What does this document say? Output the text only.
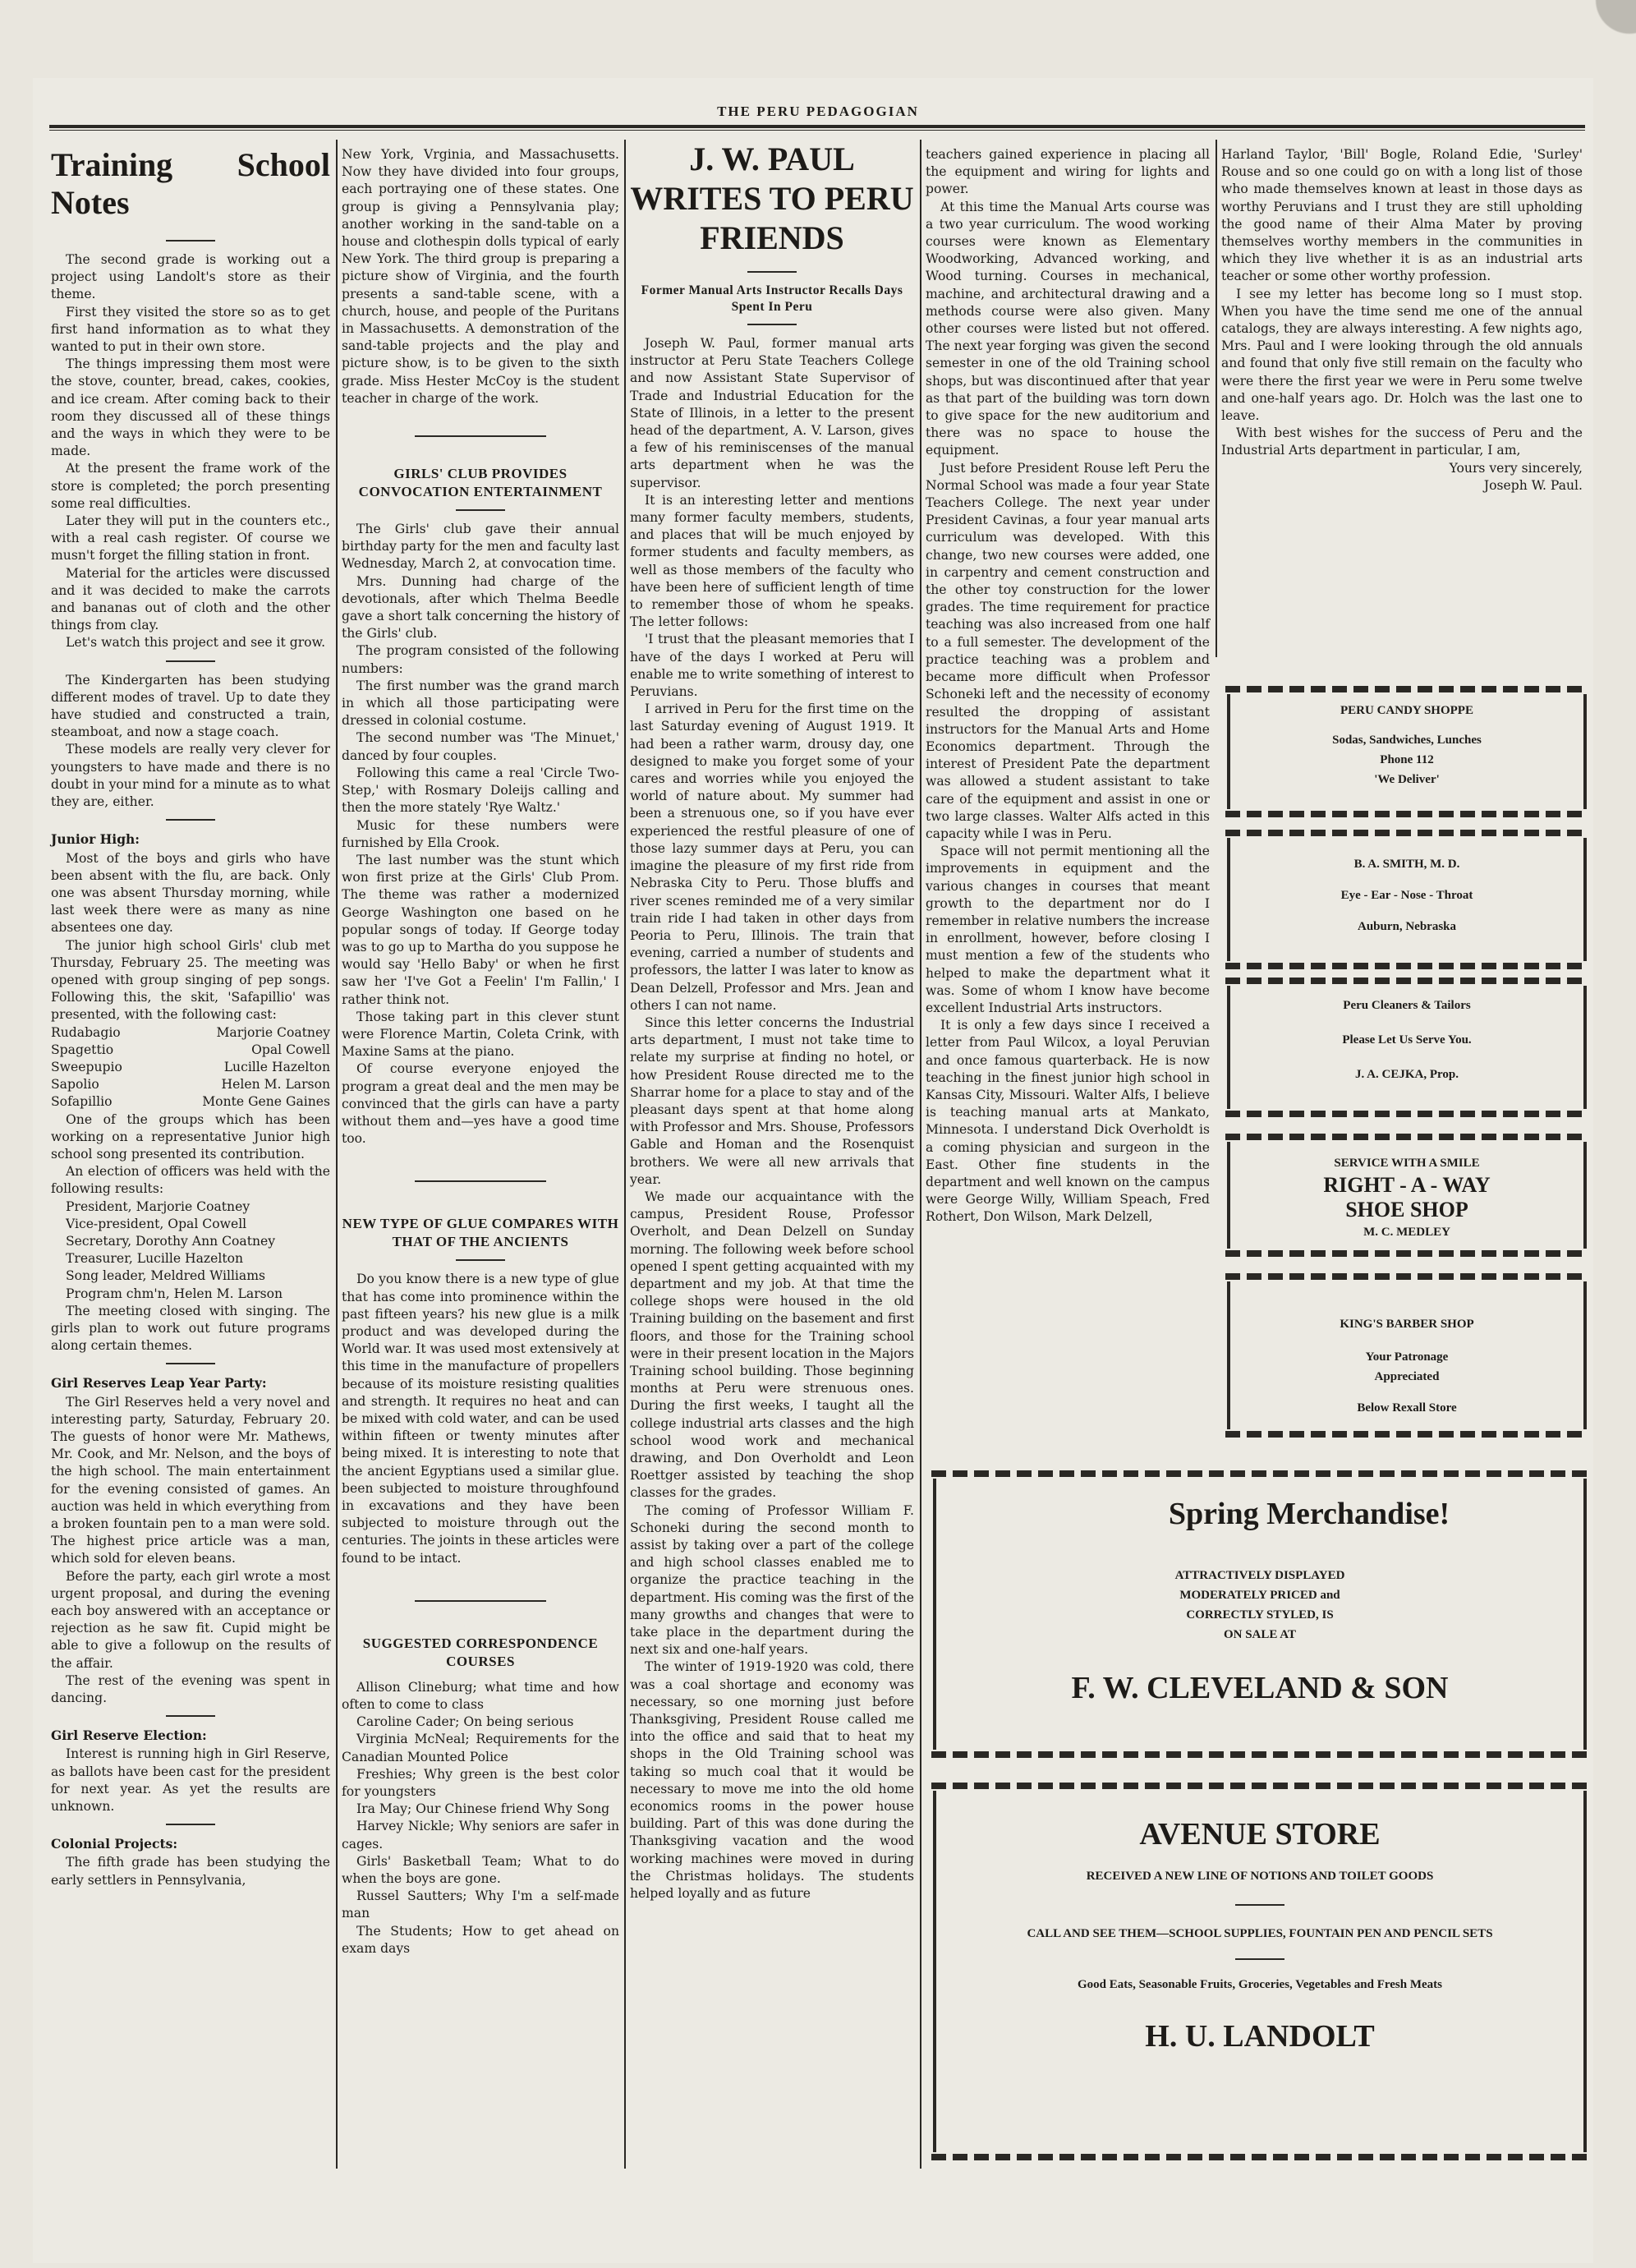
THE PERU PEDAGOGIAN
Training School Notes

The second grade is working out a project using Landolt's store as their theme.

First they visited the store so as to get first hand information as to what they wanted to put in their own store.

The things impressing them most were the stove, counter, bread, cakes, cookies, and ice cream. After coming back to their room they discussed all of these things and the ways in which they were to be made.

At the present the frame work of the store is completed; the porch presenting some real difficulties.

Later they will put in the counters etc., with a real cash register. Of course we musn't forget the filling station in front.

Material for the articles were discussed and it was decided to make the carrots and bananas out of cloth and the other things from clay.

Let's watch this project and see it grow.

The Kindergarten has been studying different modes of travel. Up to date they have studied and constructed a train, steamboat, and now a stage coach.

These models are really very clever for youngsters to have made and there is no doubt in your mind for a minute as to what they are, either.

Junior High:

Most of the boys and girls who have been absent with the flu, are back. Only one was absent Thursday morning, while last week there were as many as nine absentees one day.

The junior high school Girls' club met Thursday, February 25. The meeting was opened with group singing of pep songs. Following this, the skit, 'Safapillio' was presented, with the following cast:

Rudabagio	Marjorie Coatney
Spagettio	Opal Cowell
Sweepupio	Lucille Hazelton
Sapolio	Helen M. Larson
Sofapillio	Monte Gene Gaines

One of the groups which has been working on a representative Junior high school song presented its contribution.

An election of officers was held with the following results:

President, Marjorie Coatney

Vice-president, Opal Cowell

Secretary, Dorothy Ann Coatney

Treasurer, Lucille Hazelton

Song leader, Meldred Williams

Program chm'n, Helen M. Larson

The meeting closed with singing. The girls plan to work out future programs along certain themes.

Girl Reserves Leap Year Party:

The Girl Reserves held a very novel and interesting party, Saturday, February 20. The guests of honor were Mr. Mathews, Mr. Cook, and Mr. Nelson, and the boys of the high school. The main entertainment for the evening consisted of games. An auction was held in which everything from a broken fountain pen to a man were sold. The highest price article was a man, which sold for eleven beans.

Before the party, each girl wrote a most urgent proposal, and during the evening each boy answered with an acceptance or rejection as he saw fit. Cupid might be able to give a followup on the results of the affair.

The rest of the evening was spent in dancing.

Girl Reserve Election:

Interest is running high in Girl Reserve, as ballots have been cast for the president for next year. As yet the results are unknown.

Colonial Projects:

The fifth grade has been studying the early settlers in Pennsylvania,

New York, Vrginia, and Massachusetts. Now they have divided into four groups, each portraying one of these states. One group is giving a Pennsylvania play; another working in the sand-table on a house and clothespin dolls typical of early New York. The third group is preparing a picture show of Virginia, and the fourth presents a sand-table scene, with a church, house, and people of the Puritans in Massachusetts. A demonstration of the sand-table projects and the play and picture show, is to be given to the sixth grade. Miss Hester McCoy is the student teacher in charge of the work.

GIRLS' CLUB PROVIDES CONVOCATION ENTERTAINMENT

The Girls' club gave their annual birthday party for the men and faculty last Wednesday, March 2, at convocation time.

Mrs. Dunning had charge of the devotionals, after which Thelma Beedle gave a short talk concerning the history of the Girls' club.

The program consisted of the following numbers:

The first number was the grand march in which all those participating were dressed in colonial costume.

The second number was 'The Minuet,' danced by four couples.

Following this came a real 'Circle Two-Step,' with Rosmary Doleijs calling and then the more stately 'Rye Waltz.'

Music for these numbers were furnished by Ella Crook.

The last number was the stunt which won first prize at the Girls' Club Prom. The theme was rather a modernized George Washington one based on he popular songs of today. If George today was to go up to Martha do you suppose he would say 'Hello Baby' or when he first saw her 'I've Got a Feelin' I'm Fallin,' I rather think not.

Those taking part in this clever stunt were Florence Martin, Coleta Crink, with Maxine Sams at the piano.

Of course everyone enjoyed the program a great deal and the men may be convinced that the girls can have a party without them and—yes have a good time too.

NEW TYPE OF GLUE COMPARES WITH THAT OF THE ANCIENTS

Do you know there is a new type of glue that has come into prominence within the past fifteen years? his new glue is a milk product and was developed during the World war. It was used most extensively at this time in the manufacture of propellers because of its moisture resisting qualities and strength. It requires no heat and can be mixed with cold water, and can be used within fifteen or twenty minutes after being mixed. It is interesting to note that the ancient Egyptians used a similar glue. been subjected to moisture throughfound in excavations and they have been subjected to moisture through out the centuries. The joints in these articles were found to be intact.

SUGGESTED CORRESPONDENCE COURSES

Allison Clineburg; what time and how often to come to class

Caroline Cader; On being serious

Virginia McNeal; Requirements for the Canadian Mounted Police

Freshies; Why green is the best color for youngsters

Ira May; Our Chinese friend Why Song

Harvey Nickle; Why seniors are safer in cages.

Girls' Basketball Team; What to do when the boys are gone.

Russel Sautters; Why I'm a self-made man

The Students; How to get ahead on exam days

J. W. PAUL WRITES TO PERU FRIENDS
Former Manual Arts Instructor Recalls Days Spent In Peru

Joseph W. Paul, former manual arts instructor at Peru State Teachers College and now Assistant State Supervisor of Trade and Industrial Education for the State of Illinois, in a letter to the present head of the department, A. V. Larson, gives a few of his reminiscenses of the manual arts department when he was the supervisor.

It is an interesting letter and mentions many former faculty members, students, and places that will be much enjoyed by former students and faculty members, as well as those members of the faculty who have been here of sufficient length of time to remember those of whom he speaks. The letter follows:

'I trust that the pleasant memories that I have of the days I worked at Peru will enable me to write something of interest to Peruvians.

I arrived in Peru for the first time on the last Saturday evening of August 1919. It had been a rather warm, drousy day, one designed to make you forget some of your cares and worries while you enjoyed the world of nature about. My summer had been a strenuous one, so if you have ever experienced the restful pleasure of one of those lazy summer days at Peru, you can imagine the pleasure of my first ride from Nebraska City to Peru. Those bluffs and river scenes reminded me of a very similar train ride I had taken in other days from Peoria to Peru, Illinois. The train that evening, carried a number of students and professors, the latter I was later to know as Dean Delzell, Professor and Mrs. Jean and others I can not name.

Since this letter concerns the Industrial arts department, I must not take time to relate my surprise at finding no hotel, or how President Rouse directed me to the Sharrar home for a place to stay and of the pleasant days spent at that home along with Professor and Mrs. Shouse, Professors Gable and Homan and the Rosenquist brothers. We were all new arrivals that year.

We made our acquaintance with the campus, President Rouse, Professor Overholt, and Dean Delzell on Sunday morning. The following week before school opened I spent getting acquainted with my department and my job. At that time the college shops were housed in the old Training building on the basement and first floors, and those for the Training school were in their present location in the Majors Training school building. Those beginning months at Peru were strenuous ones. During the first weeks, I taught all the college industrial arts classes and the high school wood work and mechanical drawing, and Don Overholdt and Leon Roettger assisted by teaching the shop classes for the grades.

The coming of Professor William F. Schoneki during the second month to assist by taking over a part of the college and high school classes enabled me to organize the practice teaching in the department. His coming was the first of the many growths and changes that were to take place in the department during the next six and one-half years.

The winter of 1919-1920 was cold, there was a coal shortage and economy was necessary, so one morning just before Thanksgiving, President Rouse called me into the office and said that to heat my shops in the Old Training school was taking so much coal that it would be necessary to move me into the old home economics rooms in the power house building. Part of this was done during the Thanksgiving vacation and the wood working machines were moved in during the Christmas holidays. The students helped loyally and as future

teachers gained experience in placing all the equipment and wiring for lights and power.

At this time the Manual Arts course was a two year curriculum. The wood working courses were known as Elementary Woodworking, Advanced working, and Wood turning. Courses in mechanical, machine, and architectural drawing and a methods course were also given. Many other courses were listed but not offered. The next year forging was given the second semester in one of the old Training school shops, but was discontinued after that year as that part of the building was torn down to give space for the new auditorium and there was no space to house the equipment.

Just before President Rouse left Peru the Normal School was made a four year State Teachers College. The next year under President Cavinas, a four year manual arts curriculum was developed. With this change, two new courses were added, one in carpentry and cement construction and the other toy construction for the lower grades. The time requirement for practice teaching was also increased from one half to a full semester. The development of the practice teaching was a problem and became more difficult when Professor Schoneki left and the necessity of economy resulted the dropping of assistant instructors for the Manual Arts and Home Economics department. Through the interest of President Pate the department was allowed a student assistant to take care of the equipment and assist in one or two large classes. Walter Alfs acted in this capacity while I was in Peru.

Space will not permit mentioning all the improvements in equipment and the various changes in courses that meant growth to the department nor do I remember in relative numbers the increase in enrollment, however, before closing I must mention a few of the students who helped to make the department what it was. Some of whom I know have become excellent Industrial Arts instructors.

It is only a few days since I received a letter from Paul Wilcox, a loyal Peruvian and once famous quarterback. He is now teaching in the finest junior high school in Kansas City, Missouri. Walter Alfs, I believe is teaching manual arts at Mankato, Minnesota. I understand Dick Overholdt is a coming physician and surgeon in the East. Other fine students in the department and well known on the campus were George Willy, William Speach, Fred Rothert, Don Wilson, Mark Delzell,

Harland Taylor, 'Bill' Bogle, Roland Edie, 'Surley' Rouse and so one could go on with a long list of those who made themselves known at least in those days as worthy Peruvians and I trust they are still upholding the good name of their Alma Mater by proving themselves worthy members in the communities in which they live whether it is as an industrial arts teacher or some other worthy profession.

I see my letter has become long so I must stop. When you have the time send me one of the annual catalogs, they are always interesting. A few nights ago, Mrs. Paul and I were looking through the old annuals and found that only five still remain on the faculty who were there the first year we were in Peru some twelve and one-half years ago. Dr. Holch was the last one to leave.

With best wishes for the success of Peru and the Industrial Arts department in particular, I am,

Yours very sincerely,
Joseph W. Paul.
PERU CANDY SHOPPE
Sodas, Sandwiches, Lunches
Phone 112
'We Deliver'
B. A. SMITH, M. D.
Eye - Ear - Nose - Throat
Auburn, Nebraska
Peru Cleaners & Tailors
Please Let Us Serve You.
J. A. CEJKA, Prop.
SERVICE WITH A SMILE
RIGHT - A - WAY
SHOE SHOP
M. C. MEDLEY
KING'S BARBER SHOP
Your Patronage
Appreciated
Below Rexall Store
Spring Merchandise!
ATTRACTIVELY DISPLAYED
MODERATELY PRICED and
CORRECTLY STYLED, IS
ON SALE AT
F. W. CLEVELAND & SON
AVENUE STORE
RECEIVED A NEW LINE OF NOTIONS AND TOILET GOODS
CALL AND SEE THEM—SCHOOL SUPPLIES, FOUNTAIN PEN AND PENCIL SETS
Good Eats, Seasonable Fruits, Groceries, Vegetables and Fresh Meats
H. U. LANDOLT
